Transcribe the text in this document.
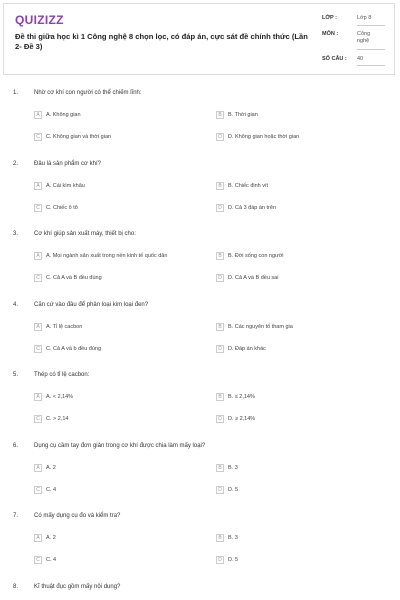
QUIZIZZ
Đề thi giữa học kì 1 Công nghệ 8 chọn lọc, có đáp án, cực sát đề chính thức (Lần 2- Đề 3)
LỚP :	Lớp 8
MÔN :	Công nghệ
SỐ CÂU : 40
1.	Nhờ cơ khí con người có thể chiếm lĩnh:
A	A. Không gian	B	B. Thời gian
C	C. Không gian và thời gian	D	D. Không gian hoặc thời gian
2.	Đâu là sản phẩm cơ khí?
A	A. Cái kìm khâu	B	B. Chiếc đinh vít
C	C. Chiếc ô tô	D	D. Cả 3 đáp án trên
3.	Cơ khí giúp sản xuất máy, thiết bị cho:
A	A. Mọi ngành sản xuất trong nền kinh tế quốc dân	B	B. Đời sống con người
C	C. Cả A và B đều đúng	D	D. Cả A và B đều sai
4.	Căn cứ vào đâu để phân loại kim loại đen?
A	A. Tỉ lệ cacbon	B	B. Các nguyên tố tham gia
C	C. Cả A và b đều đúng	D	D. Đáp án khác
5.	Thép có tỉ lệ cacbon:
A	A. < 2,14%	B	B. ≤ 2,14%
C	C. > 2,14	D	D. ≥ 2,14%
6.	Dụng cụ cầm tay đơn giản trong cơ khí được chia làm mấy loại?
A	A. 2	B	B. 3
C	C. 4	D	D. 5
7.	Có mấy dụng cụ đo và kiểm tra?
A	A. 2	B	B. 3
C	C. 4	D	D. 5
8.	Kĩ thuật đục gồm mấy nội dung?
